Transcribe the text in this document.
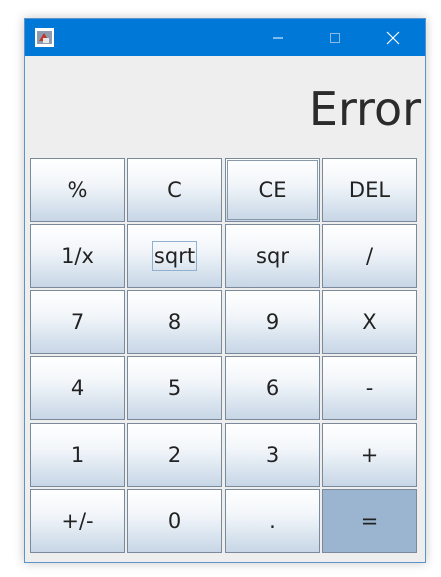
Error
%	C	CE	DEL
1/x	sqrt	sqr	/
7	8	9	X
4	5	6	-
1	2	3	+
+/-	0	.	=
